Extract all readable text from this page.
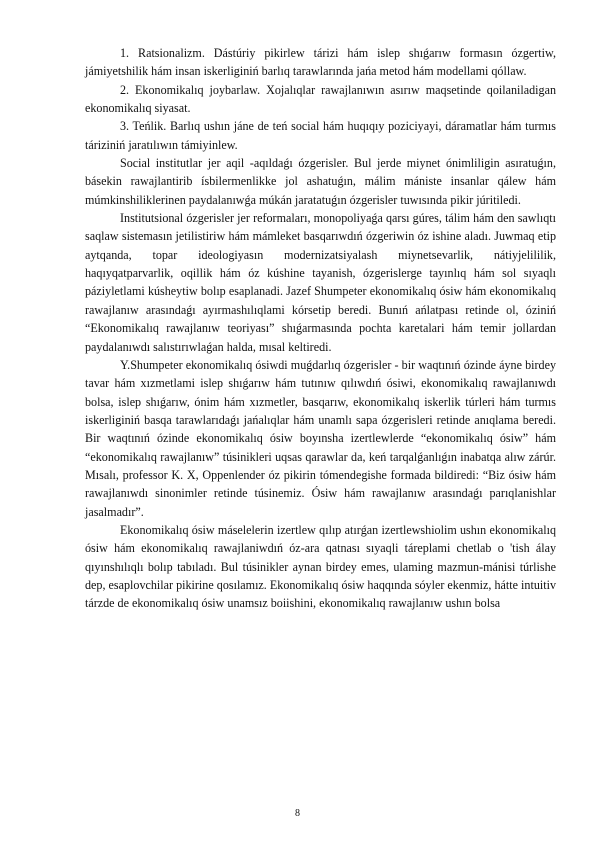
1. Ratsionalizm. Dástúriy pikirlew tárizi hám islep shıǵarıw formasın ózgertiw, jámiyetshilik hám insan iskerliginiń barlıq tarawlarında jańa metod hám modellami qóllaw.

2. Ekonomikalıq joybarlaw. Xojalıqlar rawajlanıwın asırıw maqsetinde qoilaniladigan ekonomikalıq siyasat.

3. Teńlik. Barlıq ushın jáne de teń social hám huqıqıy poziciyayi, dáramatlar hám turmıs táriziniń jaratılıwın támiyinlew.

Social institutlar jer aqil -aqıldaǵı ózgerisler. Bul jerde miynet ónimliligin asıratuǵın, básekin rawajlantirib ísbilermenlikke jol ashatuǵın, málim mániste insanlar qálew hám múmkinshiliklerinen paydalanıwǵa múkán jaratatuǵın ózgerisler tuwısında pikir júritiledi.

Institutsional ózgerisler jer reformaları, monopoliyaǵa qarsı gúres, tálim hám den sawlıqtı saqlaw sistemasın jetilistiriw hám mámleket basqarıwdıń ózgeriwin óz ishine aladı. Juwmaq etip aytqanda, topar ideologiyasın modernizatsiyalash miynetsevarlik, nátiyjelililik, haqıyqatparvarlik, oqillik hám óz kúshine tayanish, ózgerislerge tayınlıq hám sol sıyaqlı páziyletlami kúsheytiw bolıp esaplanadi. Jazef Shumpeter ekonomikalıq ósiw hám ekonomikalıq rawajlanıw arasındaǵı ayırmashılıqlami kórsetip beredi. Bunıń ańlatpası retinde ol, óziniń “Ekonomikalıq rawajlanıw teoriyası” shıǵarmasında pochta karetalari hám temir jollardan paydalanıwdı salıstırıwlaǵan halda, mısal keltiredi.

Y.Shumpeter ekonomikalıq ósiwdi muǵdarlıq ózgerisler - bir waqtınıń ózinde áyne birdey tavar hám xızmetlami islep shıǵarıw hám tutınıw qılıwdıń ósiwi, ekonomikalıq rawajlanıwdı bolsa, islep shıǵarıw, ónim hám xızmetler, basqarıw, ekonomikalıq iskerlik túrleri hám turmıs iskerliginiń basqa tarawlarıdaǵı jańalıqlar hám unamlı sapa ózgerisleri retinde anıqlama beredi. Bir waqtınıń ózinde ekonomikalıq ósiw boyınsha izertlewlerde “ekonomikalıq ósiw” hám “ekonomikalıq rawajlanıw” túsinikleri uqsas qarawlar da, keń tarqalǵanlıǵın inabatqa alıw zárúr. Mısalı, professor K. X, Oppenlender óz pikirin tómendegishe formada bildiredi: “Biz ósiw hám rawajlanıwdı sinonimler retinde túsinemiz. Ósiw hám rawajlanıw arasındaǵı parıqlanishlar jasalmadır”.

Ekonomikalıq ósiw máselelerin izertlew qılıp atırǵan izertlewshiolim ushın ekonomikalıq ósiw hám ekonomikalıq rawajlaniwdıń óz-ara qatnası sıyaqli táreplami chetlab o 'tish álay qıyınshılıqlı bolıp tabıladı. Bul túsinikler aynan birdey emes, ulaming mazmun-mánisi túrlishe dep, esaplovchilar pikirine qosılamız. Ekonomikalıq ósiw haqqında sóyler ekenmiz, hátte intuitiv tárzde de ekonomikalıq ósiw unamsız boiishini, ekonomikalıq rawajlanıw ushın bolsa

8
